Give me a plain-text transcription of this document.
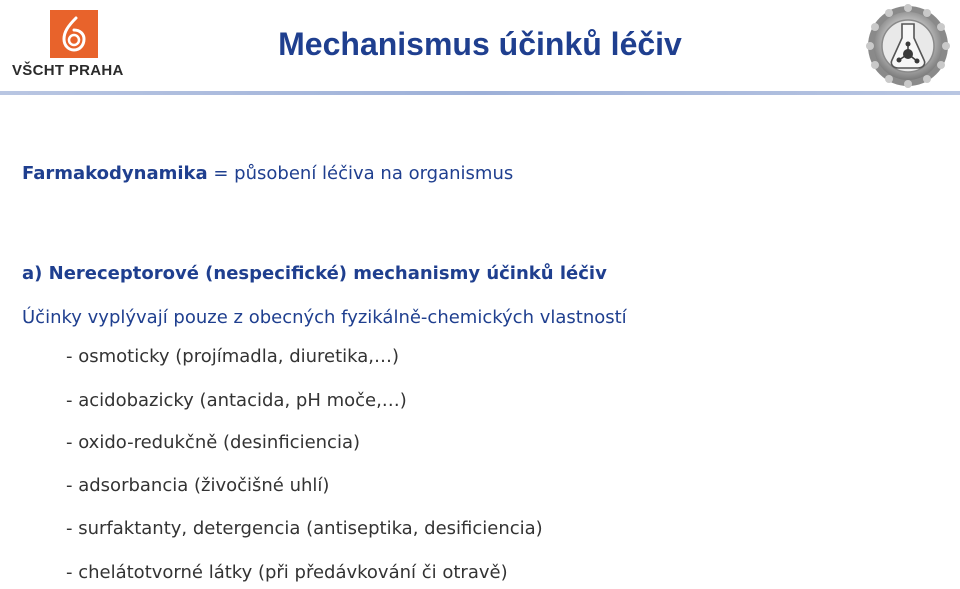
VŠCHT PRAHA
Mechanismus účinků léčiv
Farmakodynamika = působení léčiva na organismus
a) Nereceptorové (nespecifické) mechanismy účinků léčiv
Účinky vyplývají pouze z obecných fyzikálně-chemických vlastností
- osmoticky (projímadla, diuretika,…)
- acidobazicky (antacida, pH moče,…)
- oxido-redukčně (desinficiencia)
- adsorbancia (živočišné uhlí)
- surfaktanty, detergencia (antiseptika, desificiencia)
- chelátotvorné látky (při předávkování či otravě)
